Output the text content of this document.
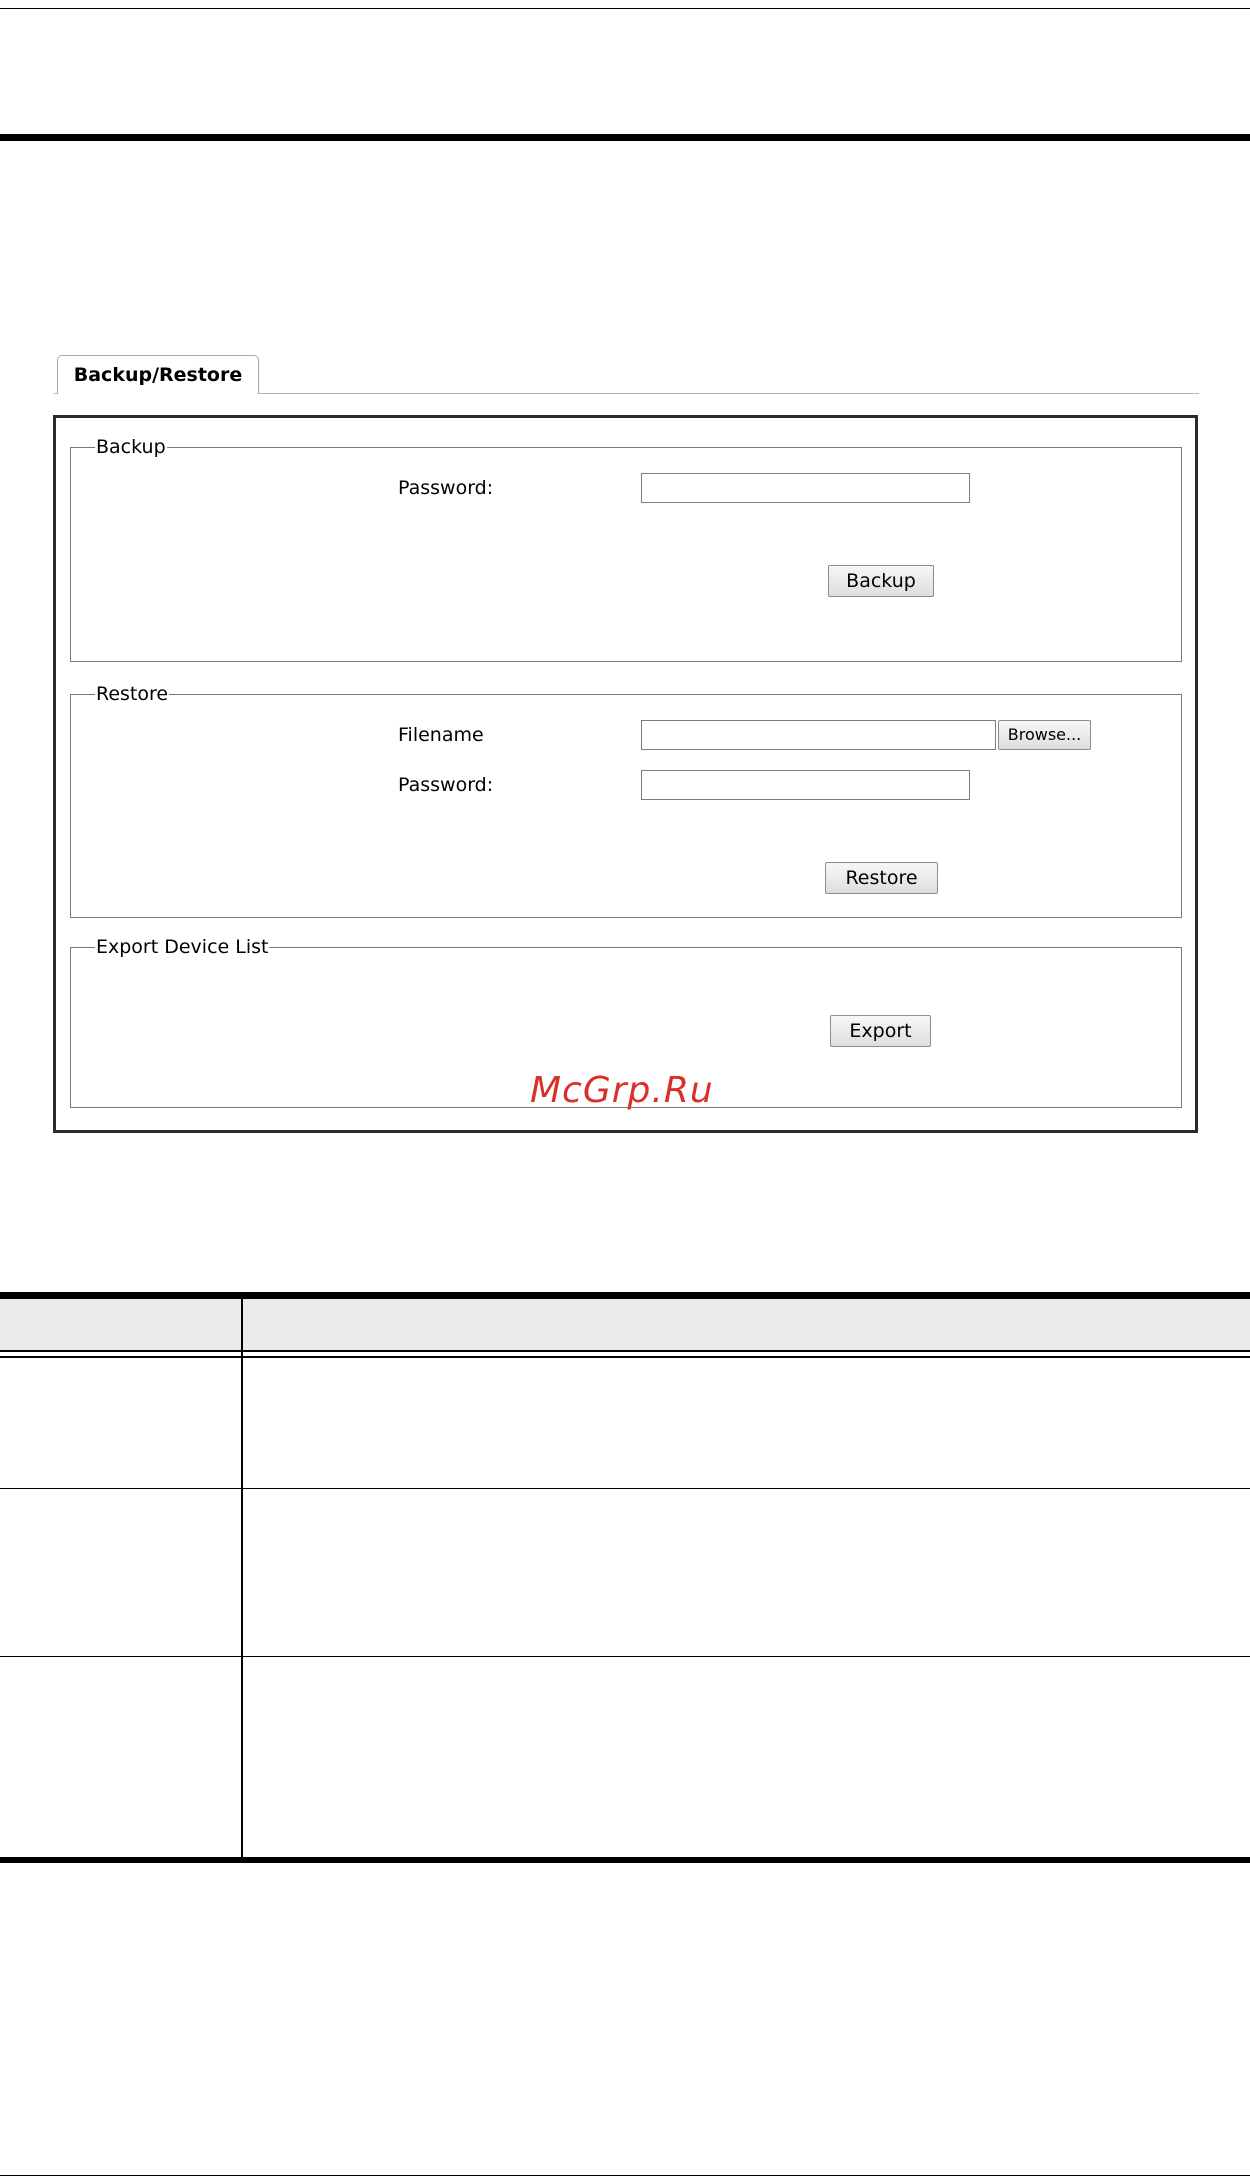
Backup/Restore
Backup
Password:
Backup
Restore
Filename	Browse...
Password:
Restore
Export Device List
Export
McGrp.Ru
